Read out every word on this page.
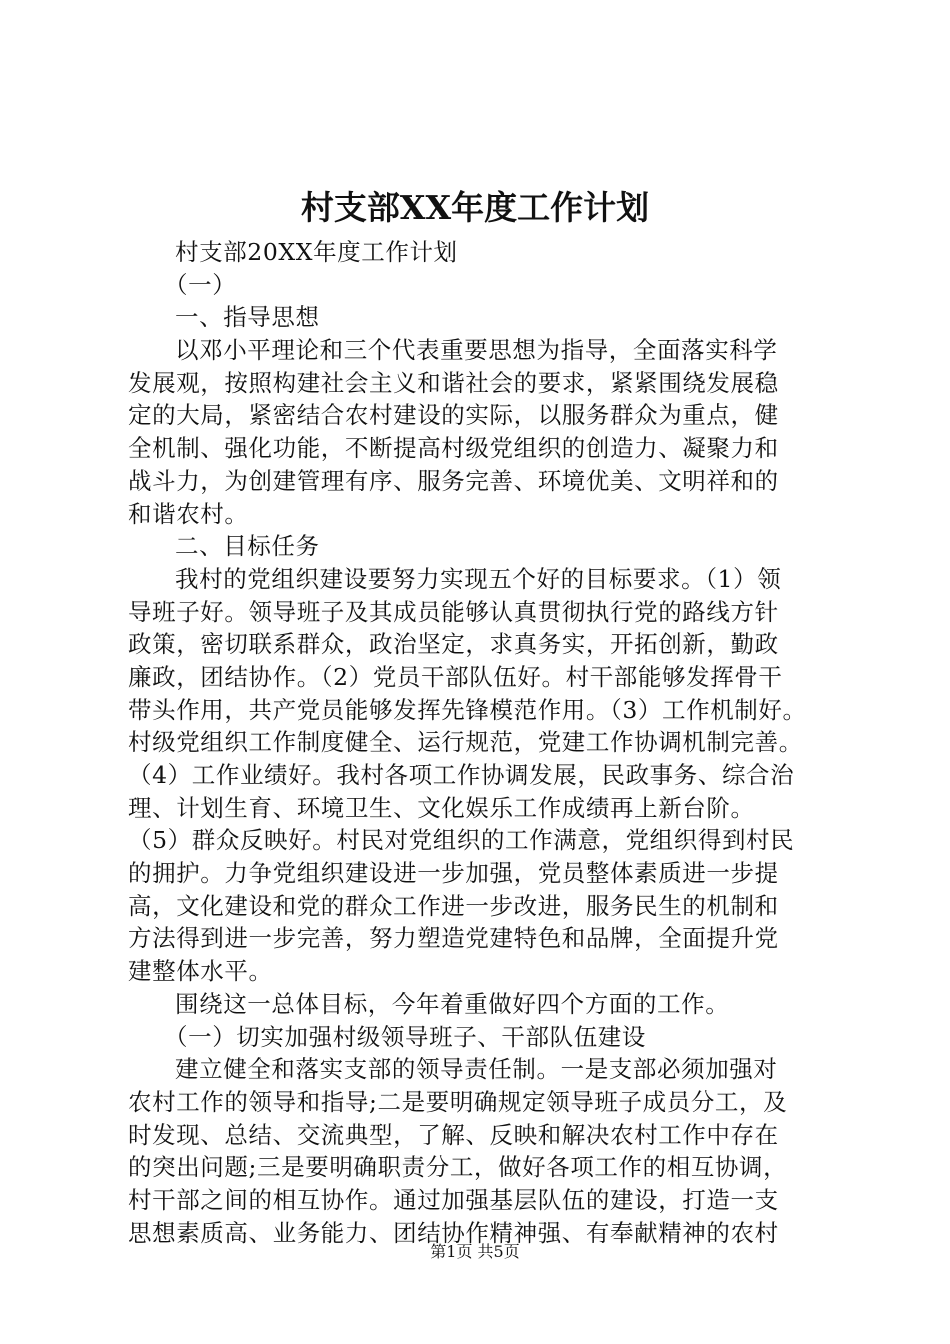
村支部XX年度工作计划
村支部20XX年度工作计划
（一）
一、指导思想
以邓小平理论和三个代表重要思想为指导，全面落实科学
发展观，按照构建社会主义和谐社会的要求，紧紧围绕发展稳
定的大局，紧密结合农村建设的实际，以服务群众为重点，健
全机制、强化功能，不断提高村级党组织的创造力、凝聚力和
战斗力，为创建管理有序、服务完善、环境优美、文明祥和的
和谐农村。
二、目标任务
我村的党组织建设要努力实现五个好的目标要求。（1）领
导班子好。领导班子及其成员能够认真贯彻执行党的路线方针
政策，密切联系群众，政治坚定，求真务实，开拓创新，勤政
廉政，团结协作。（2）党员干部队伍好。村干部能够发挥骨干
带头作用，共产党员能够发挥先锋模范作用。（3）工作机制好。
村级党组织工作制度健全、运行规范，党建工作协调机制完善。
（4）工作业绩好。我村各项工作协调发展，民政事务、综合治
理、计划生育、环境卫生、文化娱乐工作成绩再上新台阶。
（5）群众反映好。村民对党组织的工作满意，党组织得到村民
的拥护。力争党组织建设进一步加强，党员整体素质进一步提
高，文化建设和党的群众工作进一步改进，服务民生的机制和
方法得到进一步完善，努力塑造党建特色和品牌，全面提升党
建整体水平。
围绕这一总体目标，今年着重做好四个方面的工作。
（一）切实加强村级领导班子、干部队伍建设
建立健全和落实支部的领导责任制。一是支部必须加强对
农村工作的领导和指导;二是要明确规定领导班子成员分工，及
时发现、总结、交流典型，了解、反映和解决农村工作中存在
的突出问题;三是要明确职责分工，做好各项工作的相互协调，
村干部之间的相互协作。通过加强基层队伍的建设，打造一支
思想素质高、业务能力、团结协作精神强、有奉献精神的农村
第1页 共5页
